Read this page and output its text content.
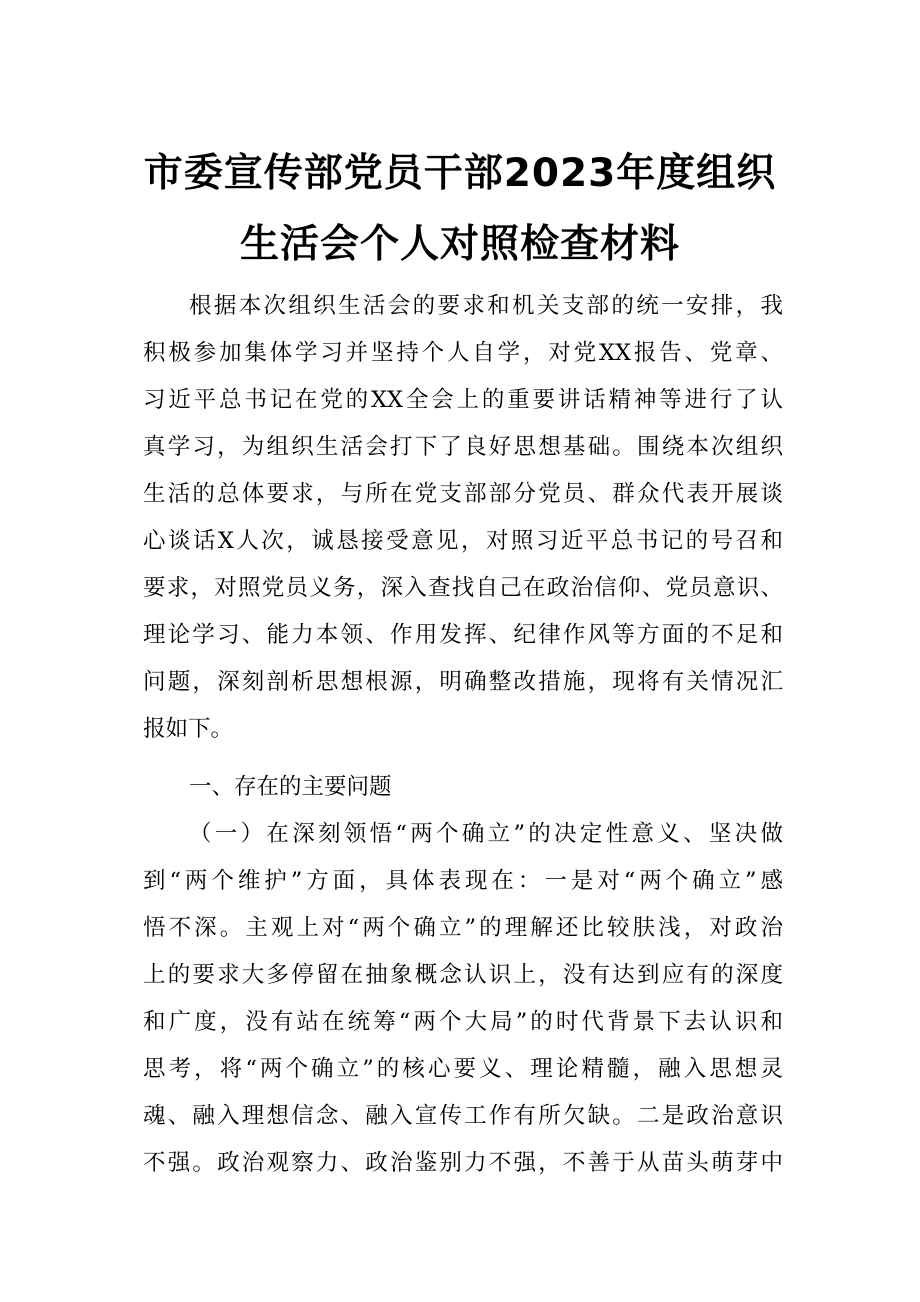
市委宣传部党员干部2023年度组织
生活会个人对照检查材料
根据本次组织生活会的要求和机关支部的统一安排，我
积极参加集体学习并坚持个人自学，对党XX报告、党章、
习近平总书记在党的XX全会上的重要讲话精神等进行了认
真学习，为组织生活会打下了良好思想基础。围绕本次组织
生活的总体要求，与所在党支部部分党员、群众代表开展谈
心谈话X人次，诚恳接受意见，对照习近平总书记的号召和
要求，对照党员义务，深入查找自己在政治信仰、党员意识、
理论学习、能力本领、作用发挥、纪律作风等方面的不足和
问题，深刻剖析思想根源，明确整改措施，现将有关情况汇
报如下。
一、存在的主要问题
（一）在深刻领悟“两个确立”的决定性意义、坚决做
到“两个维护”方面，具体表现在：一是对“两个确立”感
悟不深。主观上对“两个确立”的理解还比较肤浅，对政治
上的要求大多停留在抽象概念认识上，没有达到应有的深度
和广度，没有站在统筹“两个大局”的时代背景下去认识和
思考，将“两个确立”的核心要义、理论精髓，融入思想灵
魂、融入理想信念、融入宣传工作有所欠缺。二是政治意识
不强。政治观察力、政治鉴别力不强，不善于从苗头萌芽中
